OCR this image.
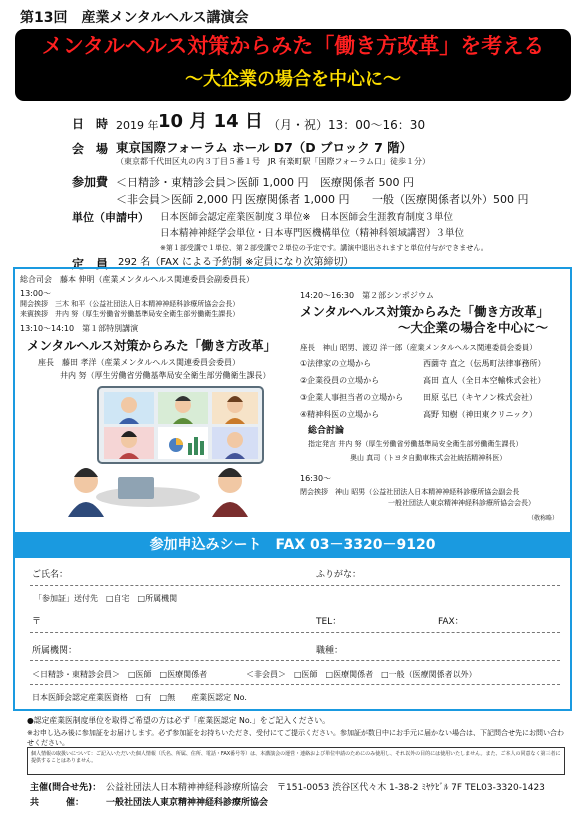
第13回　産業メンタルヘルス講演会
メンタルヘルス対策からみた「働き方改革」を考える
～大企業の場合を中心に～
日　時 2019 年 10 月 14 日 （月・祝）13：00～16：30
会　場 東京国際フォーラム ホール D7（D ブロック 7 階）
（東京都千代田区丸の内３丁目５番１号　JR 有楽町駅「国際フォーラム口」徒歩１分）
参加費 ＜日精診・東精診会員＞医師 1,000 円 医療関係者 500 円
＜非会員＞医師 2,000 円 医療関係者 1,000 円 一般（医療関係者以外）500 円
単位（申請中） 日本医師会認定産業医制度３単位※　日本医師会生涯教育制度３単位
日本精神神経学会単位・日本専門医機構単位（精神科領域講習）３単位
※第１部受講で１単位、第２部受講で２単位の予定です。講演中退出されますと単位付与ができません。
定　員 292 名（FAX による予約制 ※定員になり次第締切）
総合司会　藤本 伸明（産業メンタルヘルス関連委員会副委員長）
13:00～
開会挨拶　三木 和平（公益社団法人日本精神神経科診療所協会会長）
来賓挨拶　井内 努（厚生労働省労働基準局安全衛生部労働衛生課長）
13:10～14:10　第１部特別講演
メンタルヘルス対策からみた「働き方改革」
座長　藤田 孝洋（産業メンタルヘルス関連委員会委員）
井内 努（厚生労働省労働基準局安全衛生部労働衛生課長）
14:20～16:30　第２部シンポジウム
メンタルヘルス対策からみた「働き方改革」
～大企業の場合を中心に～
座長　神山 昭男、渡辺 洋一郎（産業メンタルヘルス関連委員会委員）
①法律家の立場から	西薗寺 直之（伝馬町法律事務所）
②企業役員の立場から	高田 直人（全日本空輸株式会社）
③企業人事担当者の立場から 田原 弘巳（キヤノン株式会社）
④精神科医の立場から	高野 知樹（神田東クリニック）
総合討論
指定発言 井内 努（厚生労働省労働基準局安全衛生部労働衛生課長）
奥山 真司（トヨタ自動車株式会社統括精神科医）
16:30～
閉会挨拶　神山 昭男（公益社団法人日本精神神経科診療所協会副会長
一般社団法人東京精神神経科診療所協会会長）
（敬称略）
参加申込みシート　FAX 03－3320－9120
ご氏名：	ふりがな：
「参加証」送付先　□自宅　□所属機関
〒	TEL：	FAX：
所属機関：	職種：
＜日精診・東精診会員＞　□医師　□医療関係者	＜非会員＞　□医師　□医療関係者　□一般（医療関係者以外）
日本医師会認定産業医資格　□有　□無　　産業医認定 No.
●認定産業医制度単位を取得ご希望の方は必ず「産業医認定 No.」をご記入ください。
※お申し込み後に参加証をお届けします。必ず参加証をお持ちいただき、受付にてご提示ください。参加証が数日中にお手元に届かない場合は、下記問合せ先にお問い合わせください。
個人情報の取扱いについて：ご記入いただいた個人情報（氏名、所属、住所、電話・FAX番号等）は、本講演会の運営・連絡および単位申請のためにのみ使用し、それ以外の目的には使用いたしません。また、ご本人の同意なく第三者に提供することはありません。
主催(問合せ先)： 公益社団法人日本精神神経科診療所協会　〒151-0053 渋谷区代々木 1-38-2 ﾐﾔｹﾋﾞﾙ 7F TEL03-3320-1423
共　　　催： 一般社団法人東京精神神経科診療所協会
